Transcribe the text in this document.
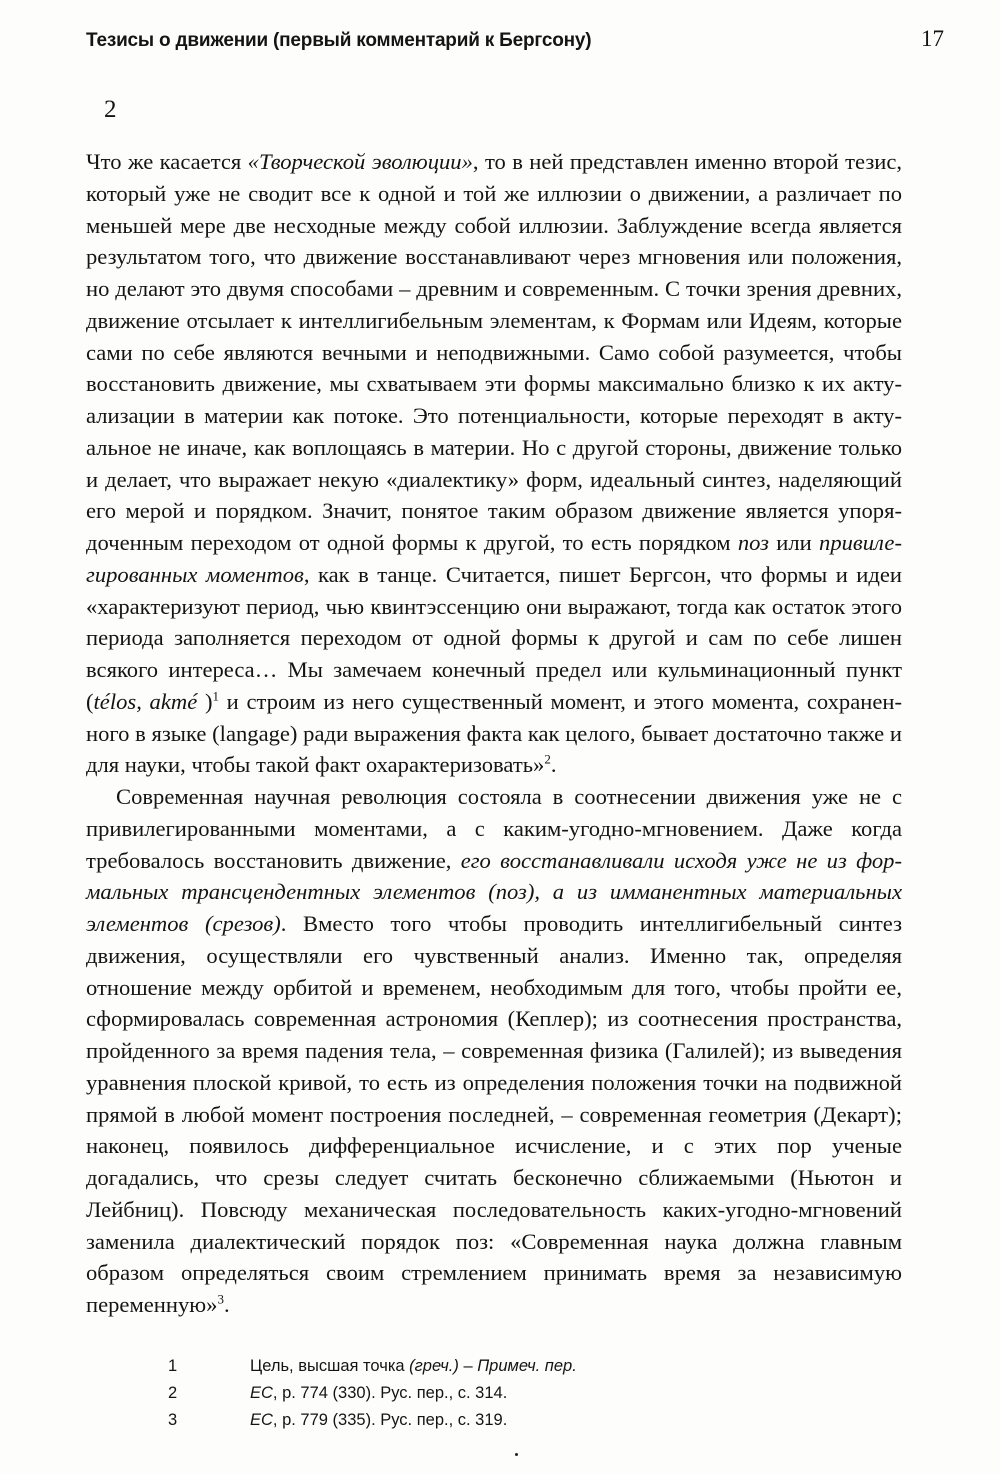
Тезисы о движении (первый комментарий к Бергсону)	17
2

Что же касается «Творческой эволюции», то в ней представлен именно второй тезис, который уже не сводит все к одной и той же иллюзии о движении, а различает по меньшей мере две несходные между собой иллюзии. Заблуждение всегда является результатом того, что движение восстанавливают через мгновения или положения, но делают это двумя способами – древним и современным. С точки зрения древних, движение отсылает к интеллигибельным элементам, к Формам или Идеям, которые сами по себе являются вечными и неподвижными. Само собой разумеется, чтобы восстановить движение, мы схватываем эти формы максимально близко к их актуализации в материи как потоке. Это потенциальности, которые переходят в актуальное не иначе, как воплощаясь в материи. Но с другой стороны, движение только и делает, что выражает некую «диалектику» форм, идеальный синтез, наделяющий его мерой и порядком. Значит, понятое таким образом движение является упорядоченным переходом от одной формы к другой, то есть порядком поз или привилегированных моментов, как в танце. Считается, пишет Бергсон, что формы и идеи «характеризуют период, чью квинтэссенцию они выражают, тогда как остаток этого периода заполняется переходом от одной формы к другой и сам по себе лишен всякого интереса… Мы замечаем конечный предел или кульминационный пункт (télos, akmé )$^1$ и строим из него существенный момент, и этого момента, сохраненного в языке (langage) ради выражения факта как целого, бывает достаточно также и для науки, чтобы такой факт охарактеризовать»$^2$.

Современная научная революция состояла в соотнесении движения уже не с привилегированными моментами, а с каким-угодно-мгновением. Даже когда требовалось восстановить движение, его восстанавливали исходя уже не из формальных трансцендентных элементов (поз), а из имманентных материальных элементов (срезов). Вместо того чтобы проводить интеллигибельный синтез движения, осуществляли его чувственный анализ. Именно так, определяя отношение между орбитой и временем, необходимым для того, чтобы пройти ее, сформировалась современная астрономия (Кеплер); из соотнесения пространства, пройденного за время падения тела, – современная физика (Галилей); из выведения уравнения плоской кривой, то есть из определения положения точки на подвижной прямой в любой момент построения последней, – современная геометрия (Декарт); наконец, появилось дифференциальное исчисление, и с этих пор ученые догадались, что срезы следует считать бесконечно сближаемыми (Ньютон и Лейбниц). Повсюду механическая последовательность каких-угодно-мгновений заменила диалектический порядок поз: «Современная наука должна главным образом определяться своим стремлением принимать время за независимую переменную»$^3$.

1	Цель, высшая точка (греч.) – Примеч. пер.
2	EC, p. 774 (330). Рус. пер., с. 314.
3	EC, p. 779 (335). Рус. пер., с. 319.
